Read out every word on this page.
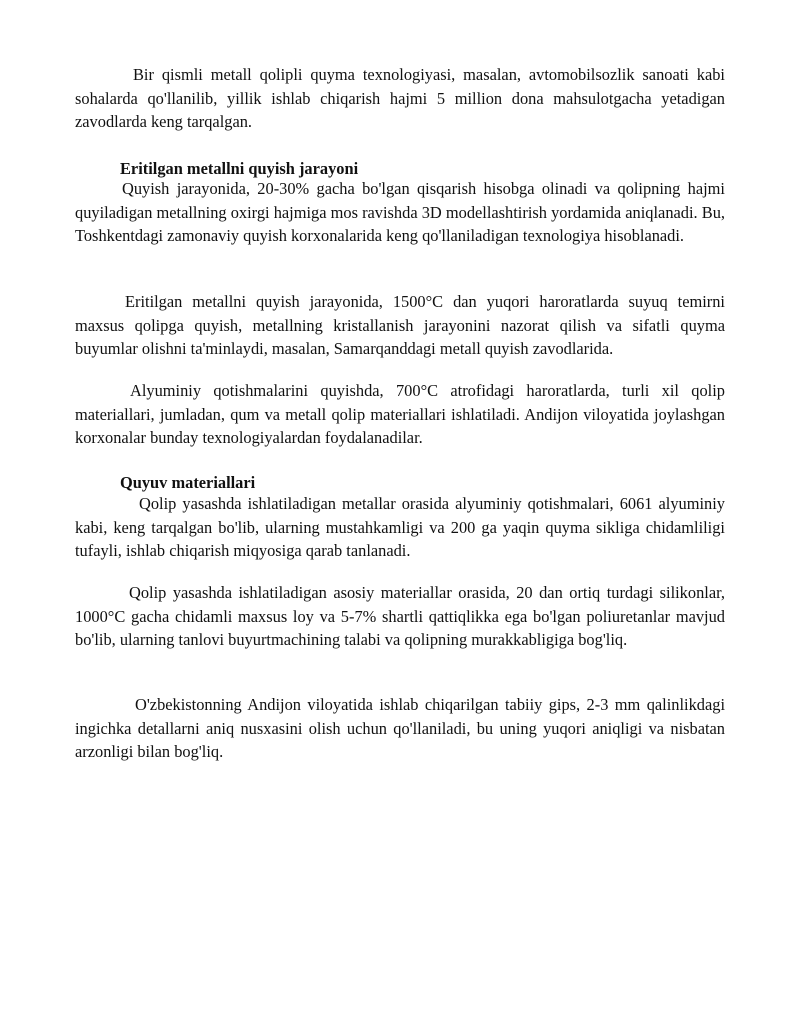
Bir qismli metall qolipli quyma texnologiyasi, masalan, avtomobilsozlik sanoati kabi sohalarda qo'llanilib, yillik ishlab chiqarish hajmi 5 million dona mahsulotgacha yetadigan zavodlarda keng tarqalgan.

Eritilgan metallni quyish jarayoni

Quyish jarayonida, 20-30% gacha bo'lgan qisqarish hisobga olinadi va qolipning hajmi quyiladigan metallning oxirgi hajmiga mos ravishda 3D modellashtirish yordamida aniqlanadi. Bu, Toshkentdagi zamonaviy quyish korxonalarida keng qo'llaniladigan texnologiya hisoblanadi.

Eritilgan metallni quyish jarayonida, 1500°C dan yuqori haroratlarda suyuq temirni maxsus qolipga quyish, metallning kristallanish jarayonini nazorat qilish va sifatli quyma buyumlar olishni ta'minlaydi, masalan, Samarqanddagi metall quyish zavodlarida.

Alyuminiy qotishmalarini quyishda, 700°C atrofidagi haroratlarda, turli xil qolip materiallari, jumladan, qum va metall qolip materiallari ishlatiladi. Andijon viloyatida joylashgan korxonalar bunday texnologiyalardan foydalanadilar.

Quyuv materiallari

Qolip yasashda ishlatiladigan metallar orasida alyuminiy qotishmalari, 6061 alyuminiy kabi, keng tarqalgan bo'lib, ularning mustahkamligi va 200 ga yaqin quyma sikliga chidamliligi tufayli, ishlab chiqarish miqyosiga qarab tanlanadi.

Qolip yasashda ishlatiladigan asosiy materiallar orasida, 20 dan ortiq turdagi silikonlar, 1000°C gacha chidamli maxsus loy va 5-7% shartli qattiqlikka ega bo'lgan poliuretanlar mavjud bo'lib, ularning tanlovi buyurtmachining talabi va qolipning murakkabligiga bog'liq.

O'zbekistonning Andijon viloyatida ishlab chiqarilgan tabiiy gips, 2-3 mm qalinlikdagi ingichka detallarni aniq nusxasini olish uchun qo'llaniladi, bu uning yuqori aniqligi va nisbatan arzonligi bilan bog'liq.
